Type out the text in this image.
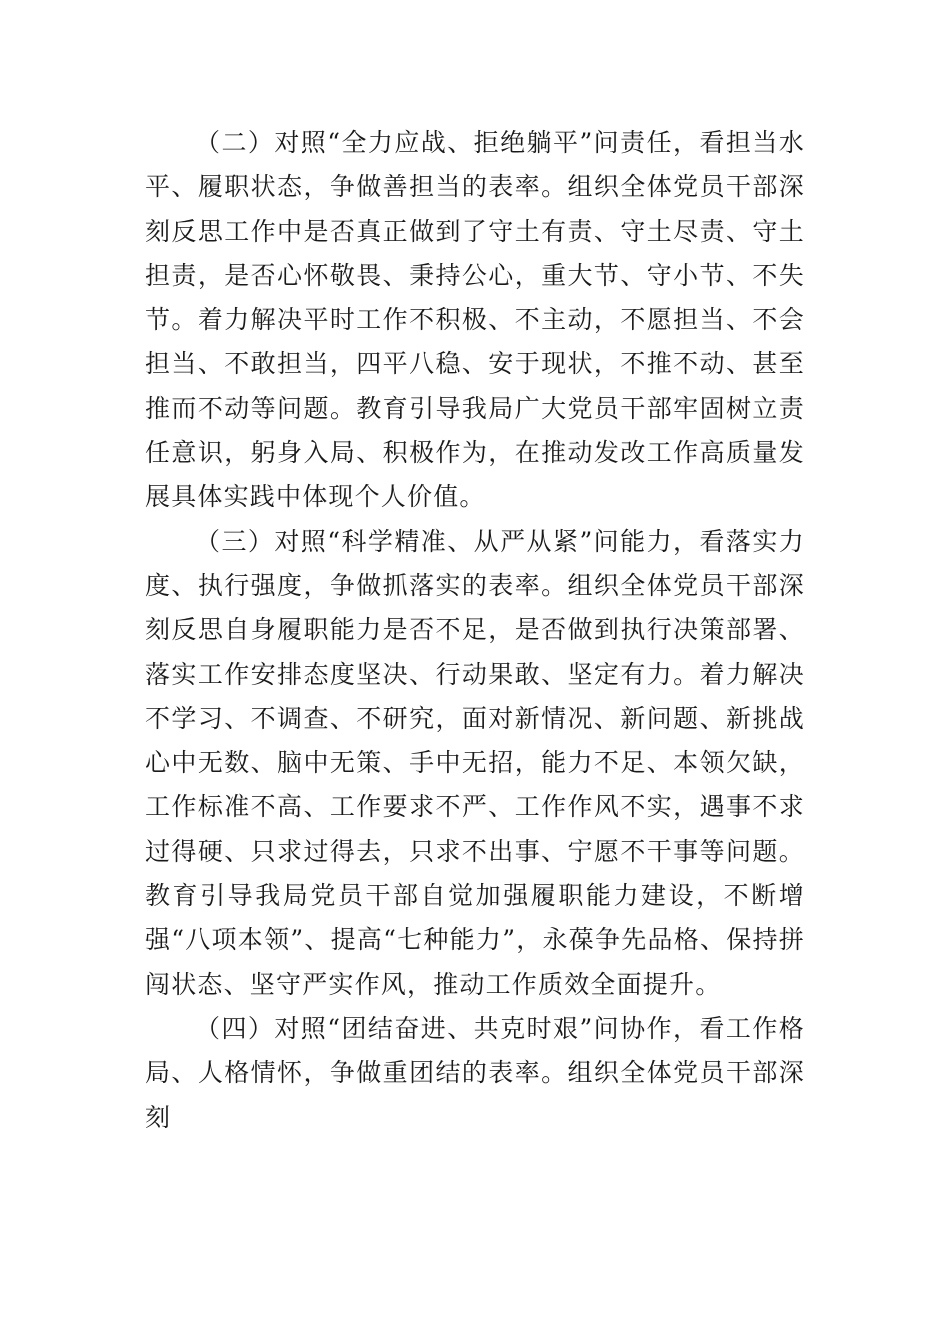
（二）对照“全力应战、拒绝躺平”问责任，看担当水平、履职状态，争做善担当的表率。组织全体党员干部深刻反思工作中是否真正做到了守土有责、守土尽责、守土担责，是否心怀敬畏、秉持公心，重大节、守小节、不失节。着力解决平时工作不积极、不主动，不愿担当、不会担当、不敢担当，四平八稳、安于现状，不推不动、甚至推而不动等问题。教育引导我局广大党员干部牢固树立责任意识，躬身入局、积极作为，在推动发改工作高质量发展具体实践中体现个人价值。

（三）对照“科学精准、从严从紧”问能力，看落实力度、执行强度，争做抓落实的表率。组织全体党员干部深刻反思自身履职能力是否不足，是否做到执行决策部署、落实工作安排态度坚决、行动果敢、坚定有力。着力解决不学习、不调查、不研究，面对新情况、新问题、新挑战心中无数、脑中无策、手中无招，能力不足、本领欠缺，工作标准不高、工作要求不严、工作作风不实，遇事不求过得硬、只求过得去，只求不出事、宁愿不干事等问题。教育引导我局党员干部自觉加强履职能力建设，不断增强“八项本领”、提高“七种能力”，永葆争先品格、保持拼闯状态、坚守严实作风，推动工作质效全面提升。

（四）对照“团结奋进、共克时艰”问协作，看工作格局、人格情怀，争做重团结的表率。组织全体党员干部深刻
